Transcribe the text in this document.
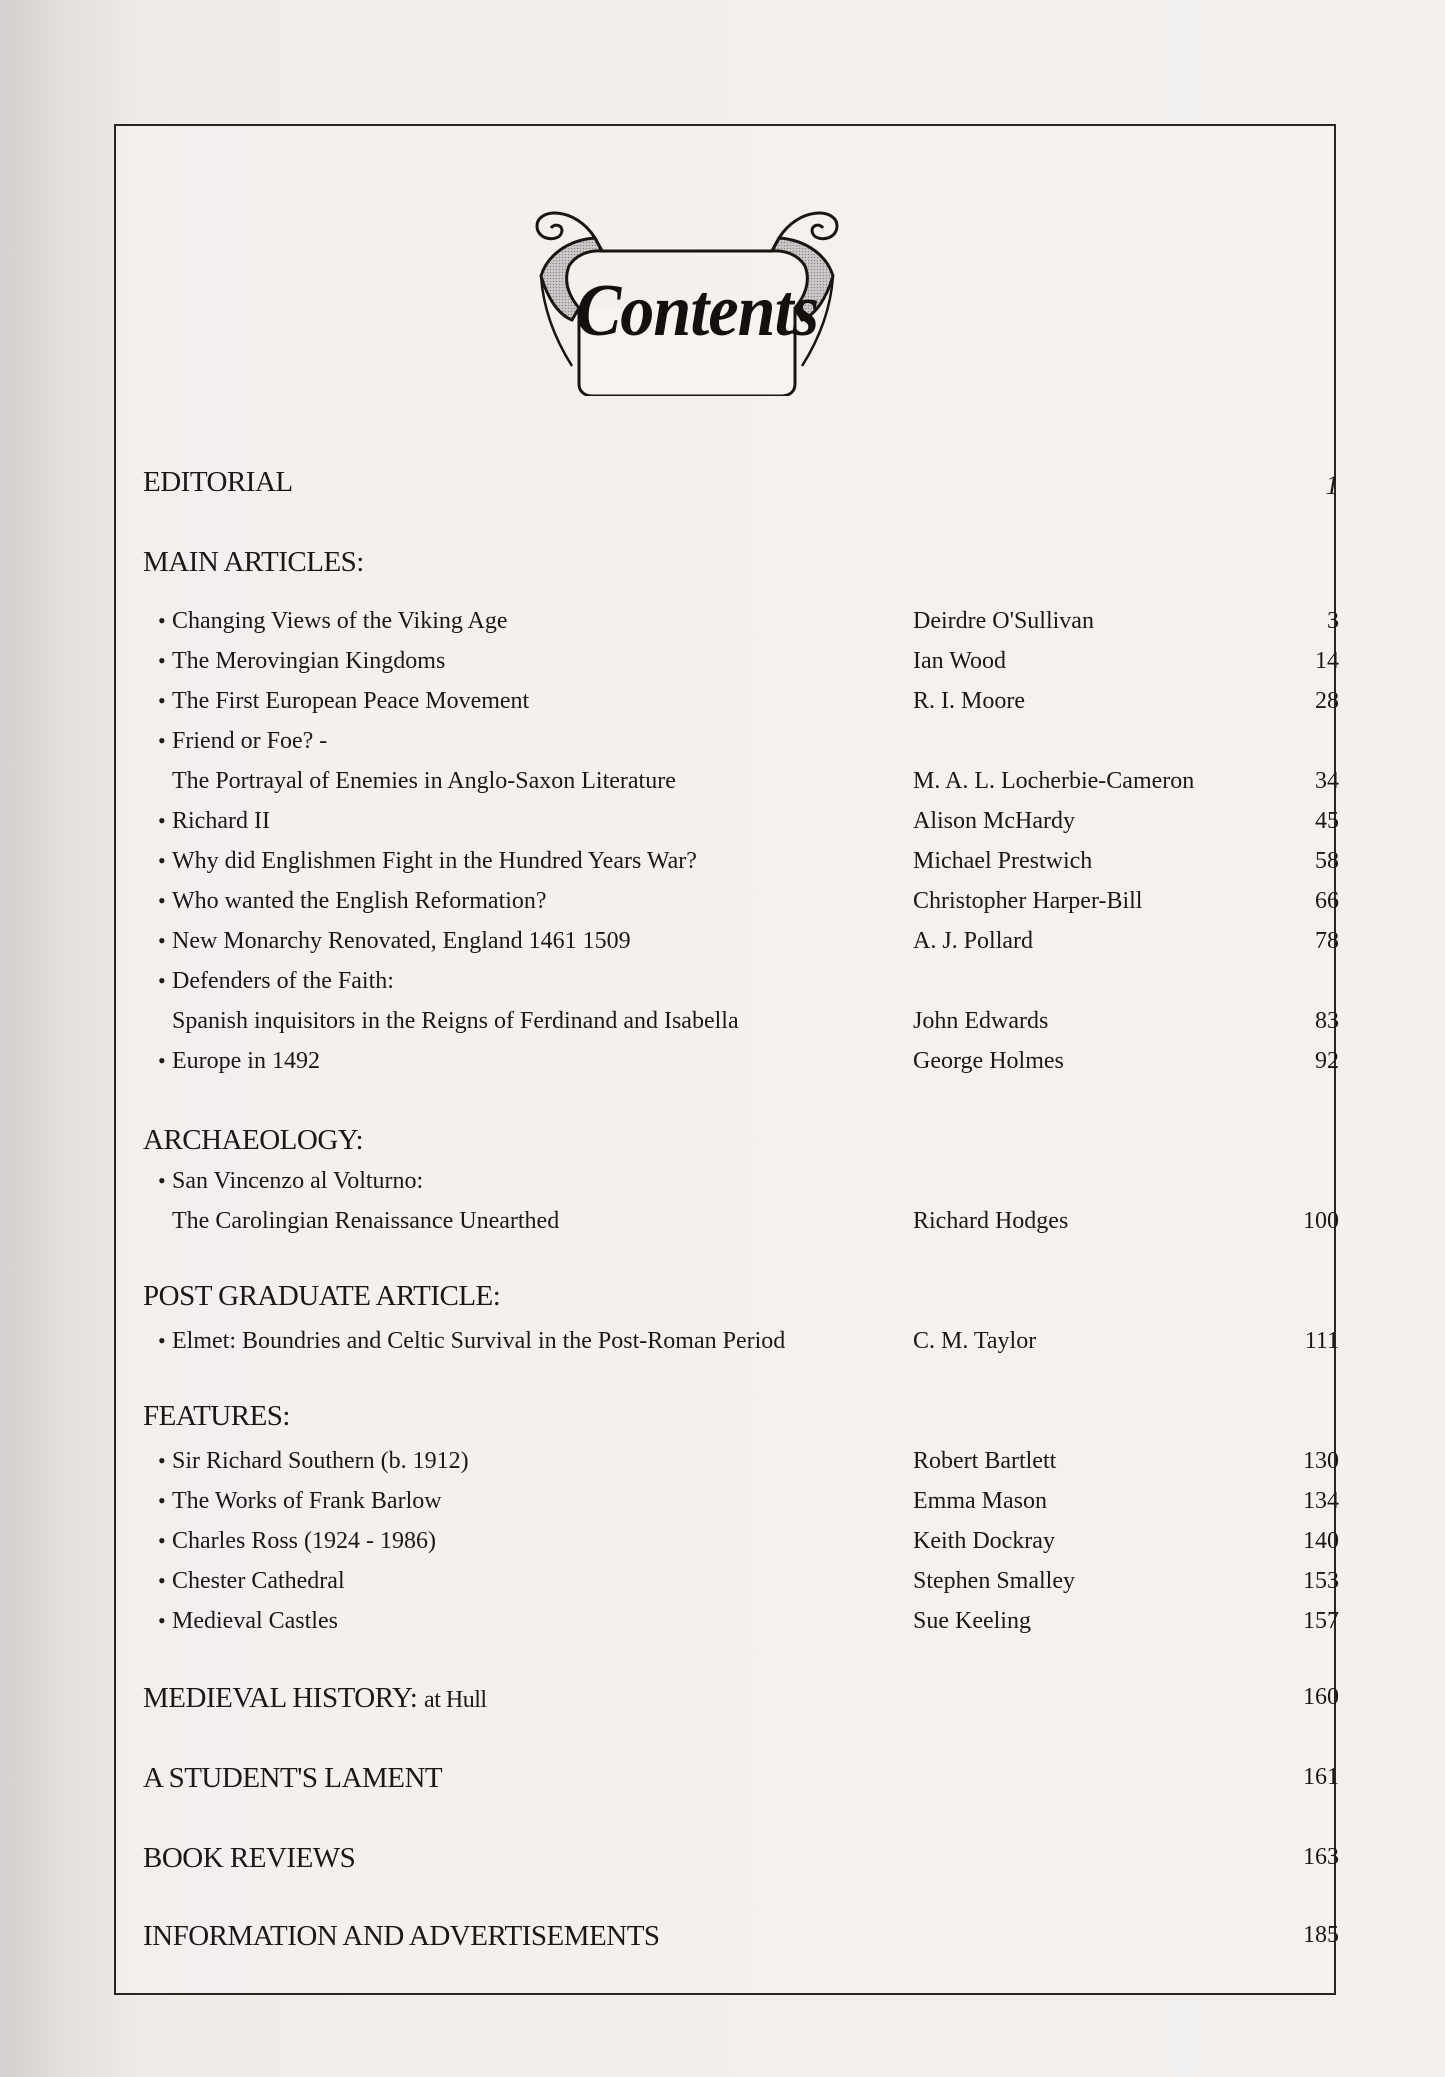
Contents
EDITORIAL	1
MAIN ARTICLES:
• Changing Views of the Viking Age	Deirdre O'Sullivan	3
• The Merovingian Kingdoms	Ian Wood	14
• The First European Peace Movement	R. I. Moore	28
• Friend or Foe? -
The Portrayal of Enemies in Anglo-Saxon Literature	M. A. L. Locherbie-Cameron	34
• Richard II	Alison McHardy	45
• Why did Englishmen Fight in the Hundred Years War?	Michael Prestwich	58
• Who wanted the English Reformation?	Christopher Harper-Bill	66
• New Monarchy Renovated, England 1461 1509	A. J. Pollard	78
• Defenders of the Faith:
Spanish inquisitors in the Reigns of Ferdinand and Isabella	John Edwards	83
• Europe in 1492	George Holmes	92
ARCHAEOLOGY:
• San Vincenzo al Volturno:
The Carolingian Renaissance Unearthed	Richard Hodges	100
POST GRADUATE ARTICLE:
• Elmet: Boundries and Celtic Survival in the Post-Roman Period	C. M. Taylor	111
FEATURES:
• Sir Richard Southern (b. 1912)	Robert Bartlett	130
• The Works of Frank Barlow	Emma Mason	134
• Charles Ross (1924 - 1986)	Keith Dockray	140
• Chester Cathedral	Stephen Smalley	153
• Medieval Castles	Sue Keeling	157
MEDIEVAL HISTORY: at Hull	160
A STUDENT'S LAMENT	161
BOOK REVIEWS	163
INFORMATION AND ADVERTISEMENTS	185
